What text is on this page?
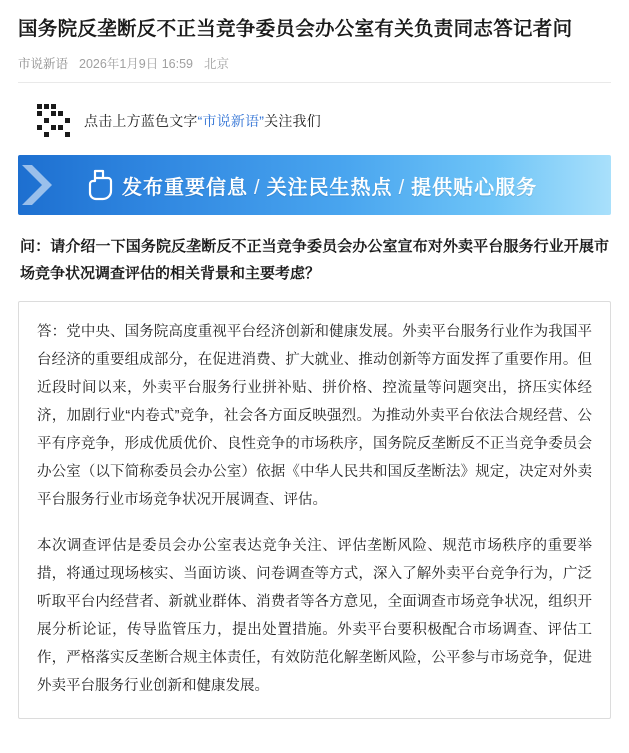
国务院反垄断反不正当竞争委员会办公室有关负责同志答记者问
市说新语 2026年1月9日 16:59 北京
点击上方蓝色文字“市说新语”关注我们
发布重要信息 / 关注民生热点 / 提供贴心服务
问：请介绍一下国务院反垄断反不正当竞争委员会办公室宣布对外卖平台服务行业开展市场竞争状况调查评估的相关背景和主要考虑？
答：党中央、国务院高度重视平台经济创新和健康发展。外卖平台服务行业作为我国平台经济的重要组成部分，在促进消费、扩大就业、推动创新等方面发挥了重要作用。但近段时间以来，外卖平台服务行业拼补贴、拼价格、控流量等问题突出，挤压实体经济，加剧行业“内卷式”竞争，社会各方面反映强烈。为推动外卖平台依法合规经营、公平有序竞争，形成优质优价、良性竞争的市场秩序，国务院反垄断反不正当竞争委员会办公室（以下简称委员会办公室）依据《中华人民共和国反垄断法》规定，决定对外卖平台服务行业市场竞争状况开展调查、评估。
本次调查评估是委员会办公室表达竞争关注、评估垄断风险、规范市场秩序的重要举措，将通过现场核实、当面访谈、问卷调查等方式，深入了解外卖平台竞争行为，广泛听取平台内经营者、新就业群体、消费者等各方意见，全面调查市场竞争状况，组织开展分析论证，传导监管压力，提出处置措施。外卖平台要积极配合市场调查、评估工作，严格落实反垄断合规主体责任，有效防范化解垄断风险，公平参与市场竞争，促进外卖平台服务行业创新和健康发展。
